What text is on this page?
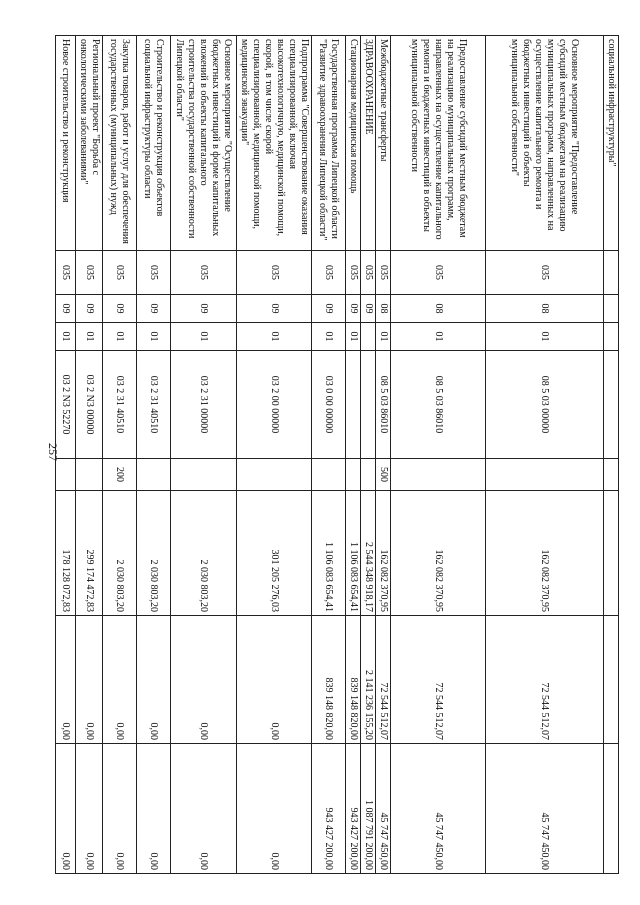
257
социальной инфраструктуры"								
Основное мероприятие "Предоставление субсидий местным бюджетам на реализацию муниципальных программ, направленных на осуществление капитального ремонта и бюджетных инвестиций в объекты муниципальной собственности"	035	08	01	08 5 03 00000		162 082 370,95	72 544 512,07	45 747 450,00
Предоставление субсидий местным бюджетам на реализацию муниципальных программ, направленных на осуществление капитального ремонта и бюджетных инвестиций в объекты муниципальной собственности	035	08	01	08 5 03 86010		162 082 370,95	72 544 512,07	45 747 450,00
Межбюджетные трансферты	035	08	01	08 5 03 86010	500	162 082 370,95	72 544 512,07	45 747 450,00
ЗДРАВООХРАНЕНИЕ	035	09				2 544 348 918,17	2 141 236 155,20	1 087 791 200,00
Стационарная медицинская помощь	035	09	01			1 106 083 654,41	839 148 820,00	943 427 200,00
Государственная программа Липецкой области "Развитие здравоохранения Липецкой области"	035	09	01	03 0 00 00000		1 106 083 654,41	839 148 820,00	943 427 200,00
Подпрограмма "Совершенствование оказания специализированной, включая высокотехнологичную, медицинской помощи, скорой, в том числе скорой специализированной, медицинской помощи, медицинской эвакуации"	035	09	01	03 2 00 00000		301 205 276,03	0,00	0,00
Основное мероприятие "Осуществление бюджетных инвестиций в форме капитальных вложений в объекты капитального строительства государственной собственности Липецкой области"	035	09	01	03 2 31 00000		2 030 803,20	0,00	0,00
Строительство и реконструкция объектов социальной инфраструктуры области	035	09	01	03 2 31 40510		2 030 803,20	0,00	0,00
Закупка товаров, работ и услуг для обеспечения государственных (муниципальных) нужд	035	09	01	03 2 31 40510	200	2 030 803,20	0,00	0,00
Региональный проект "Борьба с онкологическими заболеваниями"	035	09	01	03 2 N3 00000		299 174 472,83	0,00	0,00
Новое строительство и реконструкция	035	09	01	03 2 N3 52270		178 128 072,83	0,00	0,00
